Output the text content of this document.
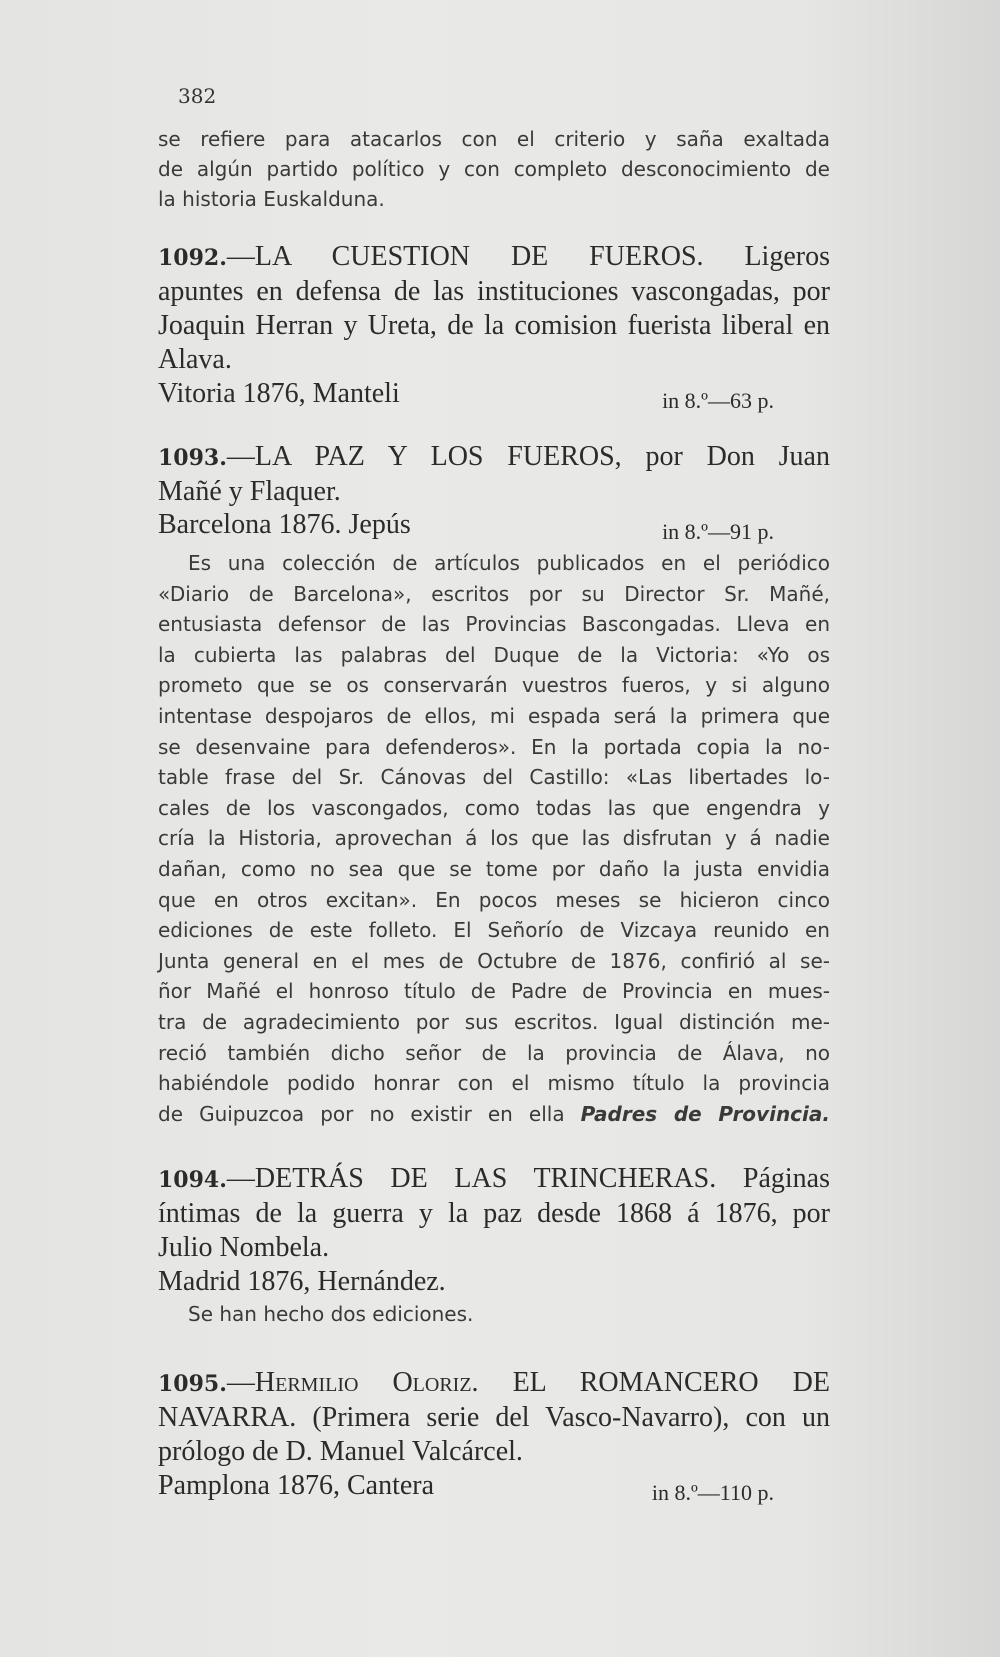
382
se refiere para atacarlos con el criterio y saña exaltada
de algún partido político y con completo desconocimiento de
la historia Euskalduna.
1092.—LA CUESTION DE FUEROS. Ligeros
apuntes en defensa de las instituciones vascongadas, por
Joaquin Herran y Ureta, de la comision fuerista liberal en
Alava.
Vitoria 1876, Manteli	in 8.º—63 p.
1093.—LA PAZ Y LOS FUEROS, por Don Juan
Mañé y Flaquer.
Barcelona 1876. Jepús	in 8.º—91 p.
Es una colección de artículos publicados en el periódico
«Diario de Barcelona», escritos por su Director Sr. Mañé,
entusiasta defensor de las Provincias Bascongadas. Lleva en
la cubierta las palabras del Duque de la Victoria: «Yo os
prometo que se os conservarán vuestros fueros, y si alguno
intentase despojaros de ellos, mi espada será la primera que
se desenvaine para defenderos». En la portada copia la no-
table frase del Sr. Cánovas del Castillo: «Las libertades lo-
cales de los vascongados, como todas las que engendra y
cría la Historia, aprovechan á los que las disfrutan y á nadie
dañan, como no sea que se tome por daño la justa envidia
que en otros excitan». En pocos meses se hicieron cinco
ediciones de este folleto. El Señorío de Vizcaya reunido en
Junta general en el mes de Octubre de 1876, confirió al se-
ñor Mañé el honroso título de Padre de Provincia en mues-
tra de agradecimiento por sus escritos. Igual distinción me-
reció también dicho señor de la provincia de Álava, no
habiéndole podido honrar con el mismo título la provincia
de Guipuzcoa por no existir en ella Padres de Provincia.
1094.—DETRÁS DE LAS TRINCHERAS. Páginas
íntimas de la guerra y la paz desde 1868 á 1876, por
Julio Nombela.
Madrid 1876, Hernández.
Se han hecho dos ediciones.
1095.—Hermilio Oloriz. EL ROMANCERO DE
NAVARRA. (Primera serie del Vasco-Navarro), con un
prólogo de D. Manuel Valcárcel.
Pamplona 1876, Cantera	in 8.º—110 p.
